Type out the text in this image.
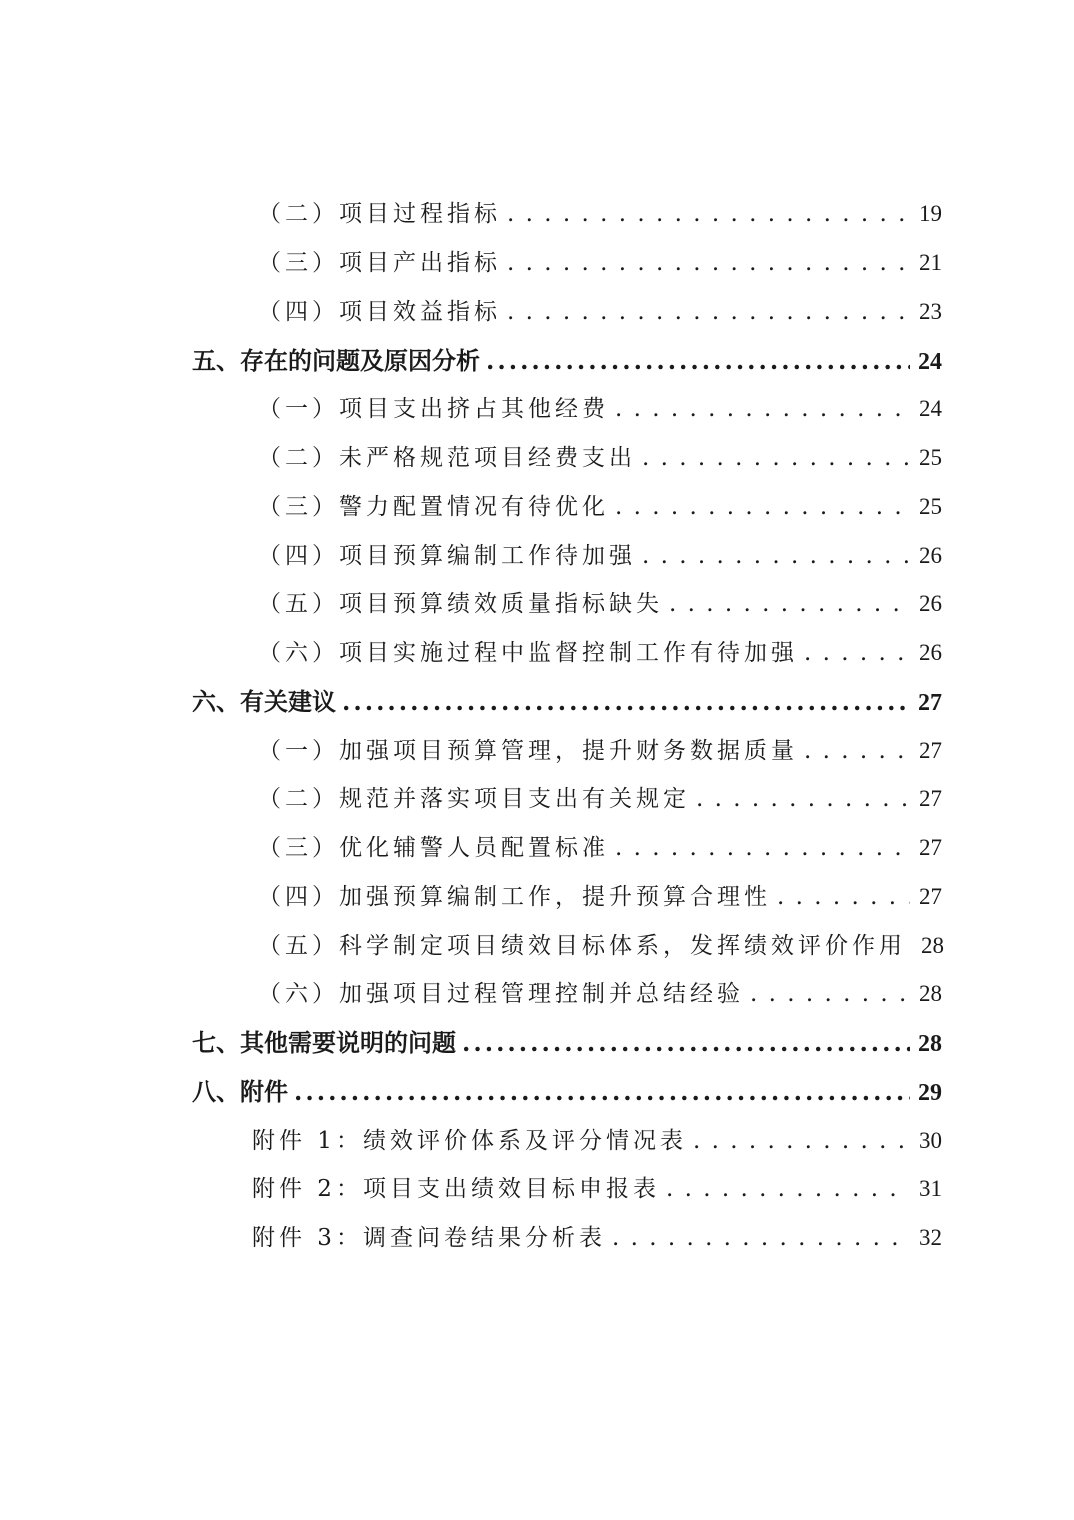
（二）项目过程指标 . . .	19
（三）项目产出指标 . . .	21
（四）项目效益指标 . . .	23
五、存在的问题及原因分析 .....	24
（一）项目支出挤占其他经费 . . .	24
（二）未严格规范项目经费支出 . . .	25
（三）警力配置情况有待优化 . . .	25
（四）项目预算编制工作待加强 . . .	26
（五）项目预算绩效质量指标缺失 . . .	26
（六）项目实施过程中监督控制工作有待加强 . . .	26
六、有关建议 .....	27
（一）加强项目预算管理，提升财务数据质量 . . .	27
（二）规范并落实项目支出有关规定 . . .	27
（三）优化辅警人员配置标准 . . .	27
（四）加强预算编制工作，提升预算合理性 . . .	27
（五）科学制定项目绩效目标体系，发挥绩效评价作用 28
（六）加强项目过程管理控制并总结经验 . . .	28
七、其他需要说明的问题 .....	28
八、附件 .....	29
附件 1：绩效评价体系及评分情况表 . . .	30
附件 2：项目支出绩效目标申报表 . . .	31
附件 3：调查问卷结果分析表 . . .	32
